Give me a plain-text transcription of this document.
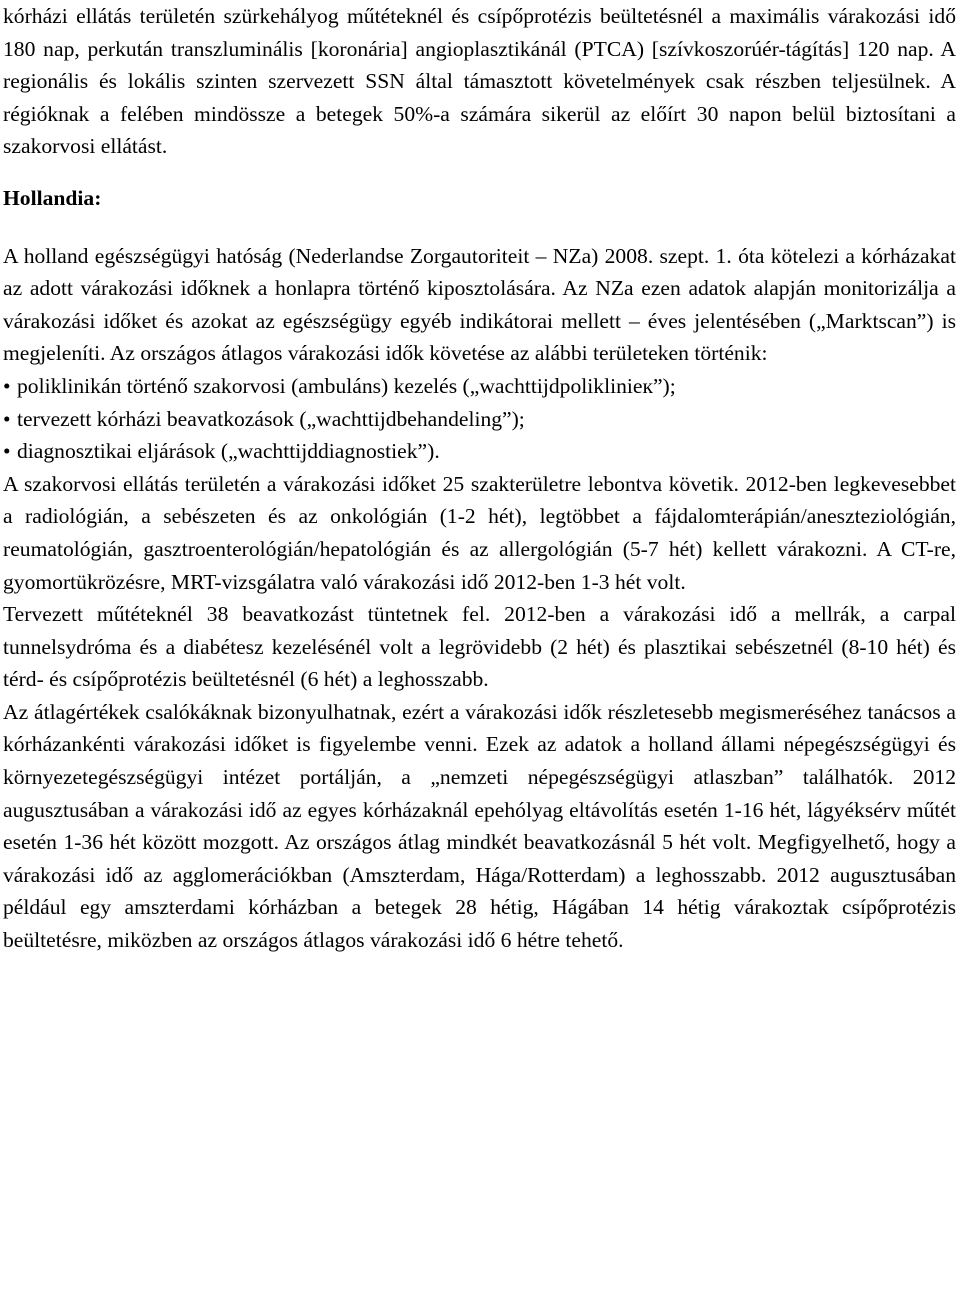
kórházi ellátás területén szürkehályog műtéteknél és csípőprotézis beültetésnél a maximális várakozási idő 180 nap, perkután transzluminális [koronária] angioplasztikánál (PTCA) [szívkoszorúér-tágítás] 120 nap. A regionális és lokális szinten szervezett SSN által támasztott követelmények csak részben teljesülnek. A régióknak a felében mindössze a betegek 50%-a számára sikerül az előírt 30 napon belül biztosítani a szakorvosi ellátást.

Hollandia:

A holland egészségügyi hatóság (Nederlandse Zorgautoriteit – NZa) 2008. szept. 1. óta kötelezi a kórházakat az adott várakozási időknek a honlapra történő kiposztolására. Az NZa ezen adatok alapján monitorizálja a várakozási időket és azokat az egészségügy egyéb indikátorai mellett – éves jelentésében („Marktscan”) is megjeleníti. Az országos átlagos várakozási idők követése az alábbi területeken történik:

• poliklinikán történő szakorvosi (ambuláns) kezelés („wachttijdpoliklinieк”);
• tervezett kórházi beavatkozások („wachttijdbehandeling”);
• diagnosztikai eljárások („wachttijddiagnostiek”).

A szakorvosi ellátás területén a várakozási időket 25 szakterületre lebontva követik. 2012-ben legkevesebbet a radiológián, a sebészeten és az onkológián (1-2 hét), legtöbbet a fájdalomterápián/aneszteziológián, reumatológián, gasztroenterológián/hepatológián és az allergológián (5-7 hét) kellett várakozni. A CT-re, gyomortükrözésre, MRT-vizsgálatra való várakozási idő 2012-ben 1-3 hét volt.

Tervezett műtéteknél 38 beavatkozást tüntetnek fel. 2012-ben a várakozási idő a mellrák, a carpal tunnelsydróma és a diabétesz kezelésénél volt a legrövidebb (2 hét) és plasztikai sebészetnél (8-10 hét) és térd- és csípőprotézis beültetésnél (6 hét) a leghosszabb.

Az átlagértékek csalókáknak bizonyulhatnak, ezért a várakozási idők részletesebb megismeréséhez tanácsos a kórházankénti várakozási időket is figyelembe venni. Ezek az adatok a holland állami népegészségügyi és környezetegészségügyi intézet portálján, a „nemzeti népegészségügyi atlaszban” találhatók. 2012 augusztusában a várakozási idő az egyes kórházaknál epehólyag eltávolítás esetén 1-16 hét, lágyéksérv műtét esetén 1-36 hét között mozgott. Az országos átlag mindkét beavatkozásnál 5 hét volt. Megfigyelhető, hogy a várakozási idő az agglomerációkban (Amszterdam, Hága/Rotterdam) a leghosszabb. 2012 augusztusában például egy amszterdami kórházban a betegek 28 hétig, Hágában 14 hétig várakoztak csípőprotézis beültetésre, miközben az országos átlagos várakozási idő 6 hétre tehető.
